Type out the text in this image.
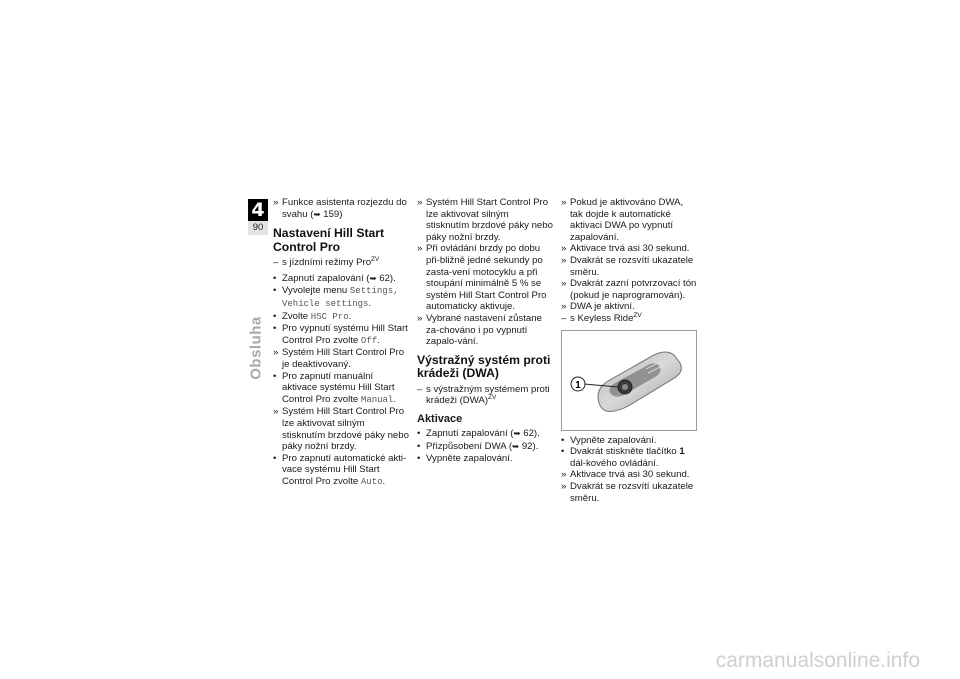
4
90
Obsluha
» Funkce asistenta rozjezdu do svahu (➥ 159)
Nastavení Hill Start Control Pro
– s jízdními režimy Pro$^{ZV}$
• Zapnutí zapalování (➥ 62).
• Vyvolejte menu Settings, Vehicle settings.
• Zvolte HSC Pro.
• Pro vypnutí systému Hill Start Control Pro zvolte Off.
» Systém Hill Start Control Pro je deaktivovaný.
• Pro zapnutí manuální aktivace systému Hill Start Control Pro zvolte Manual.
» Systém Hill Start Control Pro lze aktivovat silným stisknutím brzdové páky nebo páky nožní brzdy.
• Pro zapnutí automatické akti-vace systému Hill Start Control Pro zvolte Auto.
» Systém Hill Start Control Pro lze aktivovat silným stisknutím brzdové páky nebo páky nožní brzdy.
» Při ovládání brzdy po dobu při-bližně jedné sekundy po zasta-vení motocyklu a při stoupání minimálně 5 % se systém Hill Start Control Pro automaticky aktivuje.
» Vybrané nastavení zůstane za-chováno i po vypnutí zapalo-vání.
Výstražný systém proti krádeži (DWA)
– s výstražným systémem proti krádeži (DWA)$^{ZV}$
Aktivace
• Zapnutí zapalování (➥ 62).
• Přizpůsobení DWA (➥ 92).
• Vypněte zapalování.
» Pokud je aktivováno DWA, tak dojde k automatické aktivaci DWA po vypnutí zapalování.
» Aktivace trvá asi 30 sekund.
» Dvakrát se rozsvítí ukazatele směru.
» Dvakrát zazní potvrzovací tón (pokud je naprogramován).
» DWA je aktivní.
– s Keyless Ride$^{ZV}$
1
• Vypněte zapalování.
• Dvakrát stiskněte tlačítko 1 dál-kového ovládání.
» Aktivace trvá asi 30 sekund.
» Dvakrát se rozsvítí ukazatele směru.
carmanualsonline.info
